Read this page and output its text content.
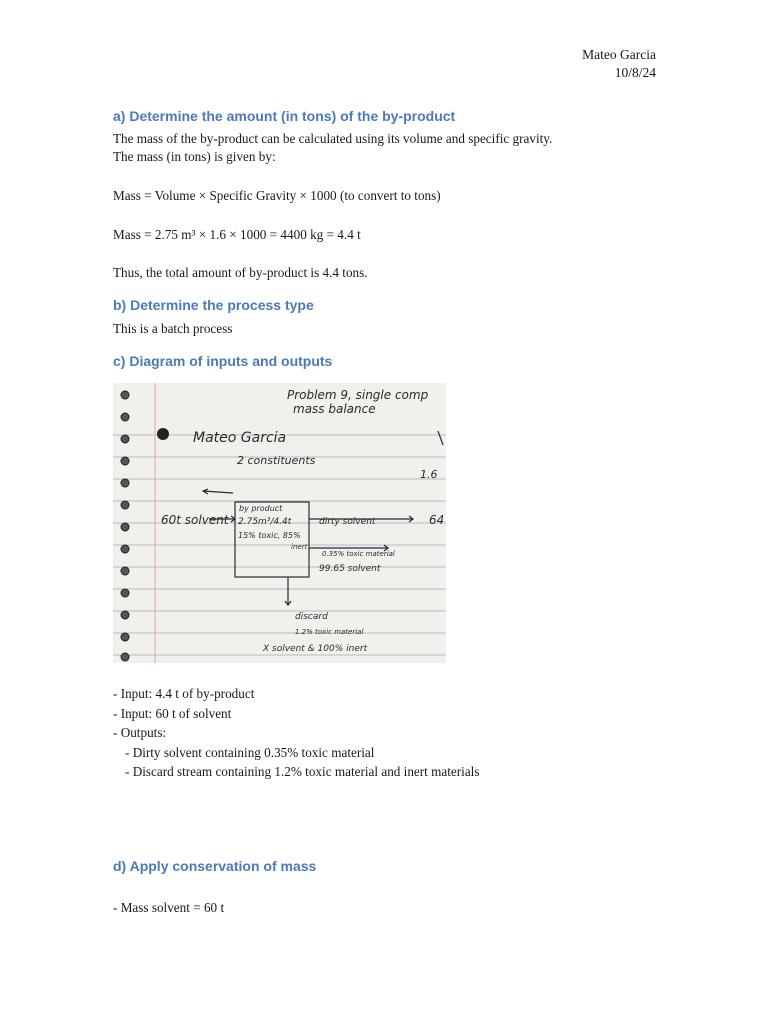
Mateo Garcia
10/8/24
a) Determine the amount (in tons) of the by-product

The mass of the by-product can be calculated using its volume and specific gravity.

The mass (in tons) is given by:

Mass = Volume × Specific Gravity × 1000 (to convert to tons)

Mass = 2.75 m³ × 1.6 × 1000 = 4400 kg = 4.4 t

Thus, the total amount of by-product is 4.4 tons.

b) Determine the process type

This is a batch process

c) Diagram of inputs and outputs
Problem 9, single comp
mass balance
Mateo Garcia
2 constituents
1.6
60t solvent
by product
2.75m³/4.4t
15% toxic, 85%
inert
dirty solvent	64
0.35% toxic material
99.65 solvent
discard
1.2% toxic material
X solvent & 100% inert
- Input: 4.4 t of by-product
- Input: 60 t of solvent
- Outputs:
- Dirty solvent containing 0.35% toxic material
- Discard stream containing 1.2% toxic material and inert materials
d) Apply conservation of mass

- Mass solvent = 60 t
